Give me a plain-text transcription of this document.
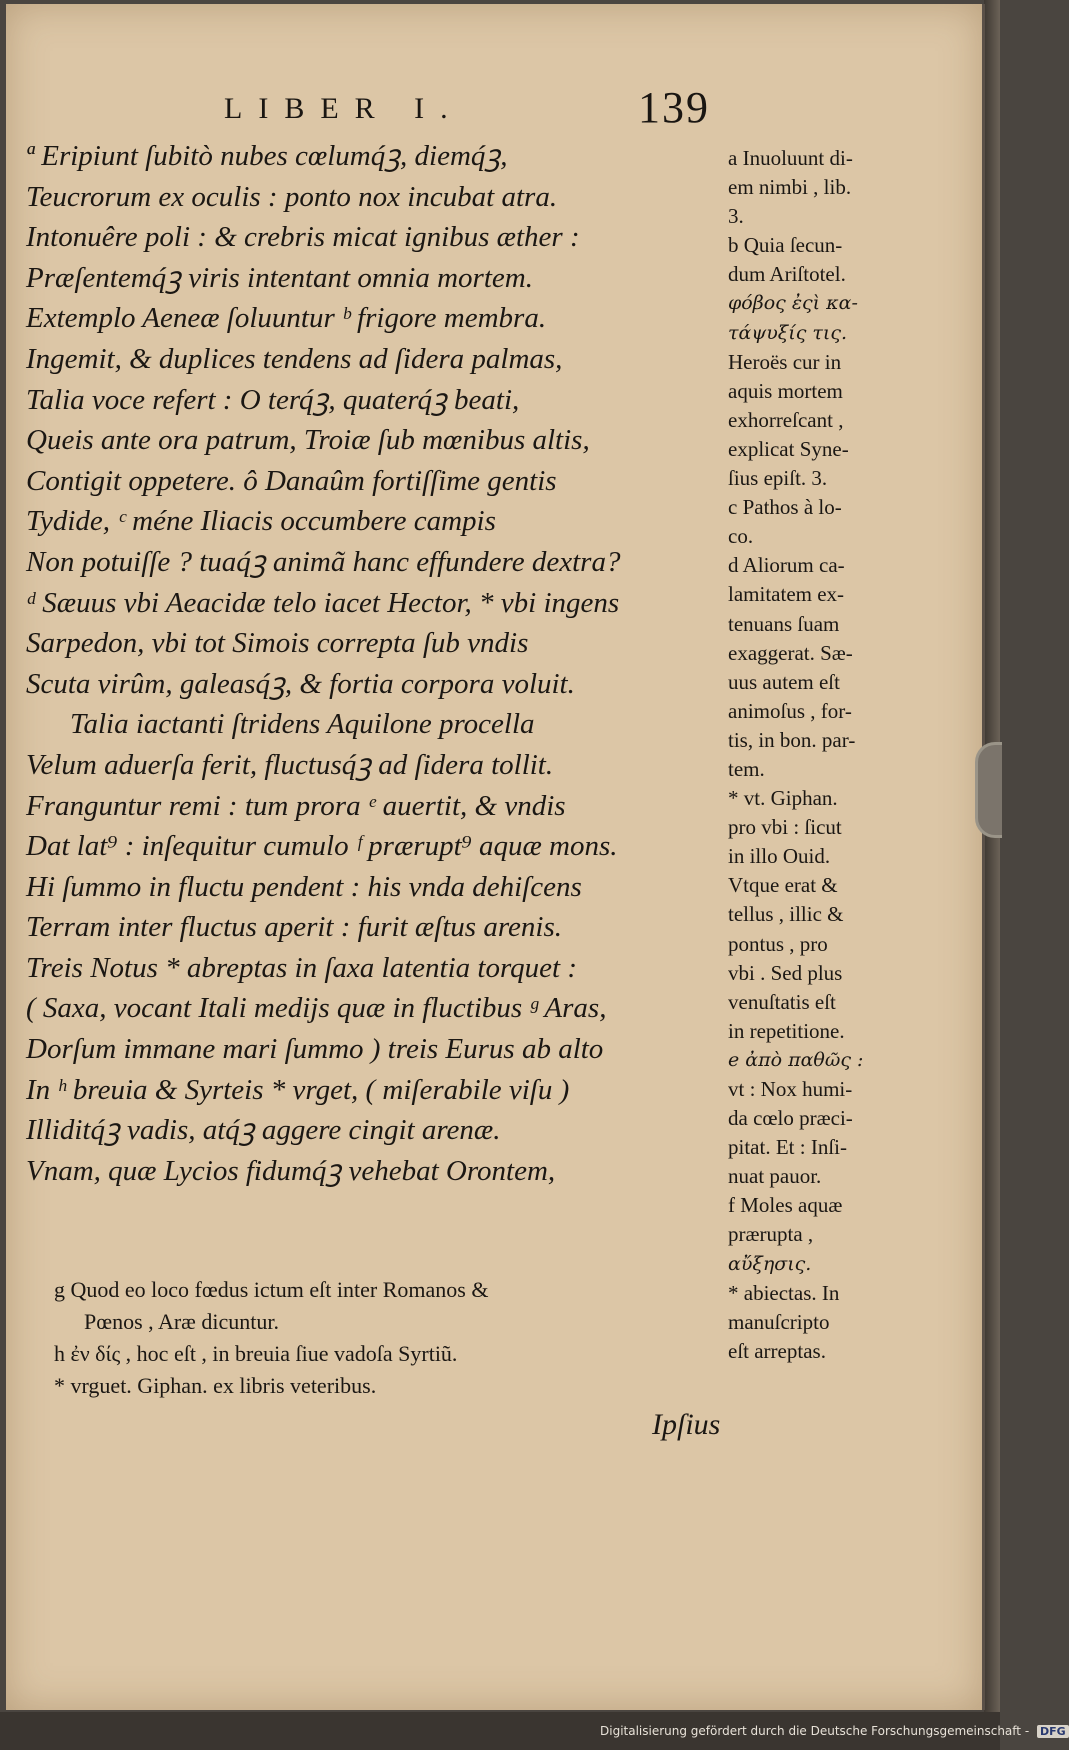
LIBER I.	139
ª Eripiunt ſubitò nubes cœlumq́ꝫ, diemq́ꝫ,
Teucrorum ex oculis : ponto nox incubat atra.
Intonuêre poli : & crebris micat ignibus æther :
Præſentemq́ꝫ viris intentant omnia mortem.
Extemplo Aeneæ ſoluuntur ᵇ frigore membra.
Ingemit, & duplices tendens ad ſidera palmas,
Talia voce refert : O terq́ꝫ, quaterq́ꝫ beati,
Queis ante ora patrum, Troiæ ſub mœnibus altis,
Contigit oppetere. ô Danaûm fortiſſime gentis
Tydide, ᶜ méne Iliacis occumbere campis
Non potuiſſe ? tuaq́ꝫ animã hanc effundere dextra?
ᵈ Sæuus vbi Aeacidæ telo iacet Hector, * vbi ingens
Sarpedon, vbi tot Simois correpta ſub vndis
Scuta virûm, galeasq́ꝫ, & fortia corpora voluit.
Talia iactanti ſtridens Aquilone procella
Velum aduerſa ferit, fluctusq́ꝫ ad ſidera tollit.
Franguntur remi : tum prora ᵉ auertit, & vndis
Dat lat⁹ : inſequitur cumulo ᶠ prærupt⁹ aquæ mons.
Hi ſummo in fluctu pendent : his vnda dehiſcens
Terram inter fluctus aperit : furit æſtus arenis.
Treis Notus * abreptas in ſaxa latentia torquet :
( Saxa, vocant Itali medijs quæ in fluctibus ᵍ Aras,
Dorſum immane mari ſummo ) treis Eurus ab alto
In ʰ breuia & Syrteis * vrget, ( miſerabile viſu )
Illiditq́ꝫ vadis, atq́ꝫ aggere cingit arenæ.
Vnam, quæ Lycios fidumq́ꝫ vehebat Orontem,
g Quod eo loco fœdus ictum eſt inter Romanos &
Pœnos , Aræ dicuntur.
h ἐν δίς , hoc eſt , in breuia ſiue vadoſa Syrtiũ.
* vrguet. Giphan. ex libris veteribus.
Ipſius
a Inuoluunt di-
em nimbi , lib.
3.
b Quia ſecun-
dum Ariſtotel.
φόβος ἐςὶ κα-
τάψυξίς τις.
Heroës cur in
aquis mortem
exhorreſcant ,
explicat Syne-
ſius epiſt. 3.
c Pathos à lo-
co.
d Aliorum ca-
lamitatem ex-
tenuans ſuam
exaggerat. Sæ-
uus autem eſt
animoſus , for-
tis, in bon. par-
tem.
* vt. Giphan.
pro vbi : ſicut
in illo Ouid.
Vtque erat &
tellus , illic &
pontus , pro
vbi . Sed plus
venuſtatis eſt
in repetitione.
e ἀπὸ παθῶς :
vt : Nox humi-
da cœlo præci-
pitat. Et : Inſi-
nuat pauor.
f Moles aquæ
prærupta ,
αὔξησις.
* abiectas. In
manuſcripto
eſt arreptas.
Digitalisierung gefördert durch die Deutsche Forschungsgemeinschaft - DFG
